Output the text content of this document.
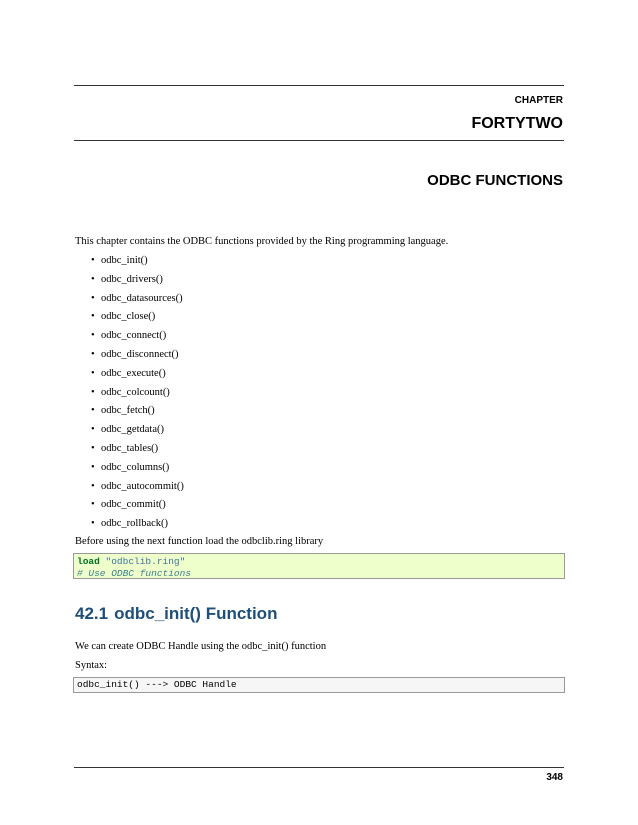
CHAPTER
FORTYTWO
ODBC FUNCTIONS
This chapter contains the ODBC functions provided by the Ring programming language.
• odbc_init()
• odbc_drivers()
• odbc_datasources()
• odbc_close()
• odbc_connect()
• odbc_disconnect()
• odbc_execute()
• odbc_colcount()
• odbc_fetch()
• odbc_getdata()
• odbc_tables()
• odbc_columns()
• odbc_autocommit()
• odbc_commit()
• odbc_rollback()
Before using the next function load the odbclib.ring library
load "odbclib.ring"
# Use ODBC functions
42.1 odbc_init() Function
We can create ODBC Handle using the odbc_init() function
Syntax:
odbc_init() ---> ODBC Handle
348
